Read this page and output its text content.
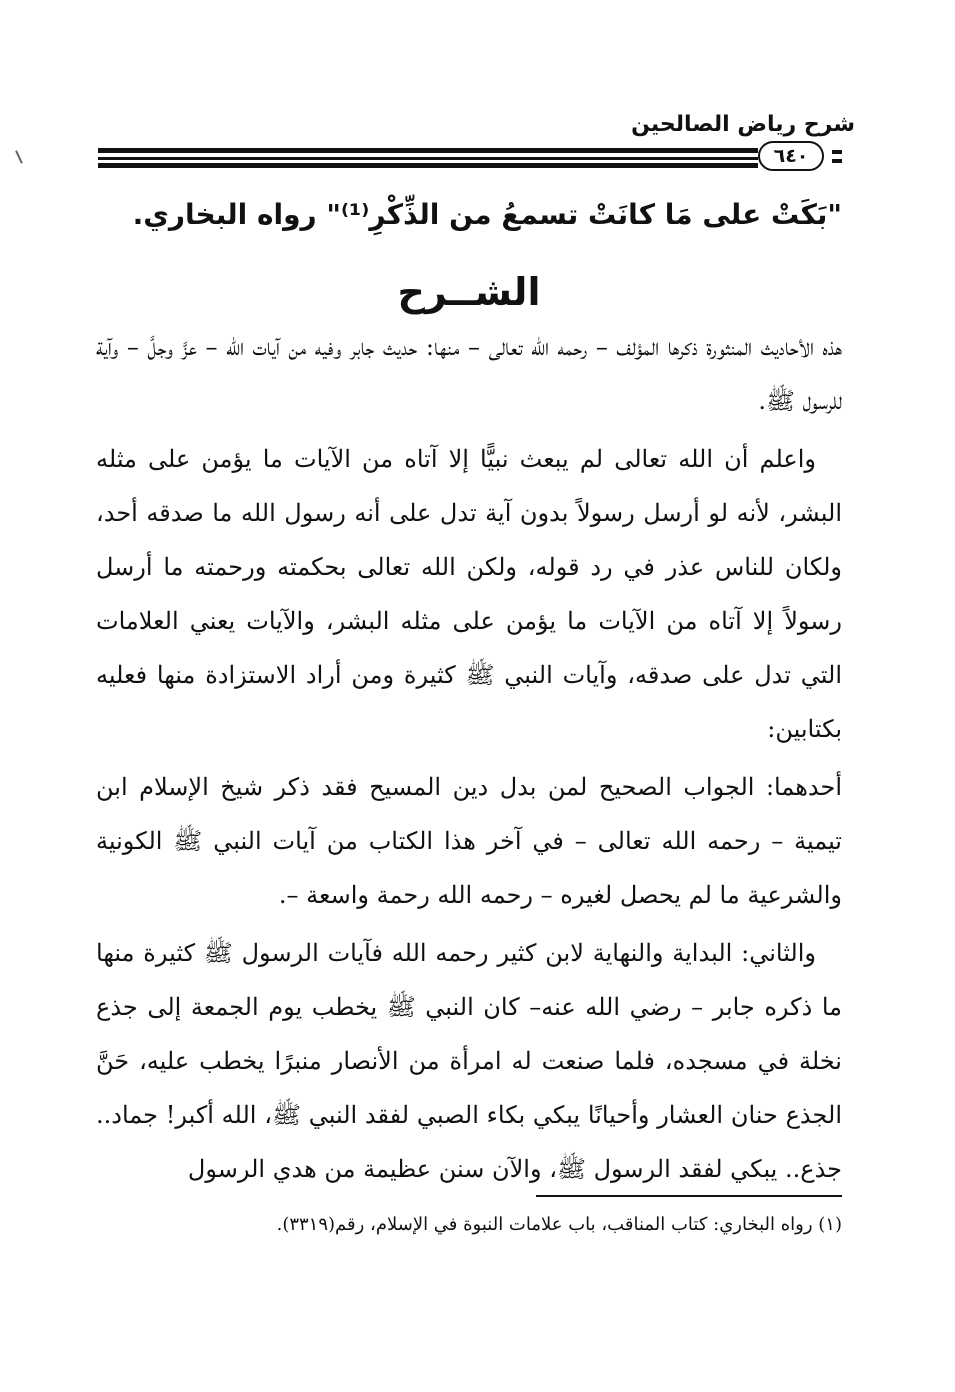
شرح رياض الصالحين
٦٤٠
"بَكَتْ على مَا كانَتْ تسمعُ من الذِّكْرِ⁽¹⁾" رواه البخاري.
الشــرح

هذه الأحاديث المنثورة ذكرها المؤلف – رحمه الله تعالى – منها: حديث جابر وفيه من آيات الله – عزَّ وجلَّ – وآية للرسول ﷺ.

واعلم أن الله تعالى لم يبعث نبيًّا إلا آتاه من الآيات ما يؤمن على مثله البشر، لأنه لو أرسل رسولاً بدون آية تدل على أنه رسول الله ما صدقه أحد، ولكان للناس عذر في رد قوله، ولكن الله تعالى بحكمته ورحمته ما أرسل رسولاً إلا آتاه من الآيات ما يؤمن على مثله البشر، والآيات يعني العلامات التي تدل على صدقه، وآيات النبي ﷺ كثيرة ومن أراد الاستزادة منها فعليه بكتابين:

أحدهما: الجواب الصحيح لمن بدل دين المسيح فقد ذكر شيخ الإسلام ابن تيمية – رحمه الله تعالى – في آخر هذا الكتاب من آيات النبي ﷺ الكونية والشرعية ما لم يحصل لغيره – رحمه الله رحمة واسعة –.

والثاني: البداية والنهاية لابن كثير رحمه الله فآيات الرسول ﷺ كثيرة منها ما ذكره جابر – رضي الله عنه– كان النبي ﷺ يخطب يوم الجمعة إلى جذع نخلة في مسجده، فلما صنعت له امرأة من الأنصار منبرًا يخطب عليه، حَنَّ الجذع حنان العشار وأحيانًا يبكي بكاء الصبي لفقد النبي ﷺ، الله أكبر! جماد.. جذع.. يبكي لفقد الرسول ﷺ، والآن سنن عظيمة من هدي الرسول

(١) رواه البخاري: كتاب المناقب، باب علامات النبوة في الإسلام، رقم(٣٣١٩).
